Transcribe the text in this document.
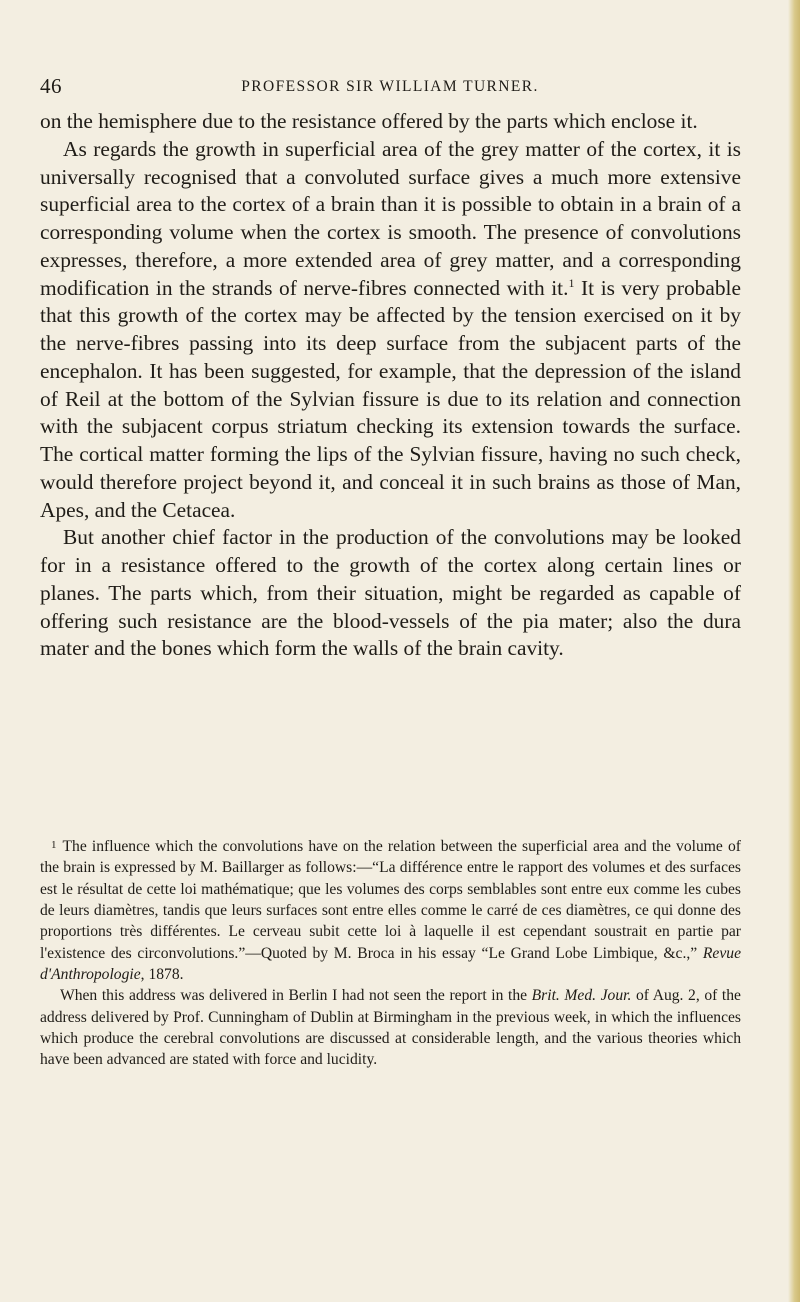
46	PROFESSOR SIR WILLIAM TURNER.

on the hemisphere due to the resistance offered by the parts which enclose it.

As regards the growth in superficial area of the grey matter of the cortex, it is universally recognised that a convoluted surface gives a much more extensive superficial area to the cortex of a brain than it is possible to obtain in a brain of a corresponding volume when the cortex is smooth. The presence of convolutions expresses, therefore, a more extended area of grey matter, and a corresponding modification in the strands of nerve-fibres connected with it.$^1$ It is very probable that this growth of the cortex may be affected by the tension exercised on it by the nerve-fibres passing into its deep surface from the subjacent parts of the encephalon. It has been suggested, for example, that the depression of the island of Reil at the bottom of the Sylvian fissure is due to its relation and connection with the subjacent corpus striatum checking its extension towards the surface. The cortical matter forming the lips of the Sylvian fissure, having no such check, would therefore project beyond it, and conceal it in such brains as those of Man, Apes, and the Cetacea.

But another chief factor in the production of the convolutions may be looked for in a resistance offered to the growth of the cortex along certain lines or planes. The parts which, from their situation, might be regarded as capable of offering such resistance are the blood-vessels of the pia mater; also the dura mater and the bones which form the walls of the brain cavity.

1 The influence which the convolutions have on the relation between the superficial area and the volume of the brain is expressed by M. Baillarger as follows:—“La différence entre le rapport des volumes et des surfaces est le résultat de cette loi mathématique; que les volumes des corps semblables sont entre eux comme les cubes de leurs diamètres, tandis que leurs surfaces sont entre elles comme le carré de ces diamètres, ce qui donne des proportions très différentes. Le cerveau subit cette loi à laquelle il est cependant soustrait en partie par l'existence des circonvolutions.”—Quoted by M. Broca in his essay “Le Grand Lobe Limbique, &c.,” Revue d'Anthropologie, 1878.

When this address was delivered in Berlin I had not seen the report in the Brit. Med. Jour. of Aug. 2, of the address delivered by Prof. Cunningham of Dublin at Birmingham in the previous week, in which the influences which produce the cerebral convolutions are discussed at considerable length, and the various theories which have been advanced are stated with force and lucidity.
